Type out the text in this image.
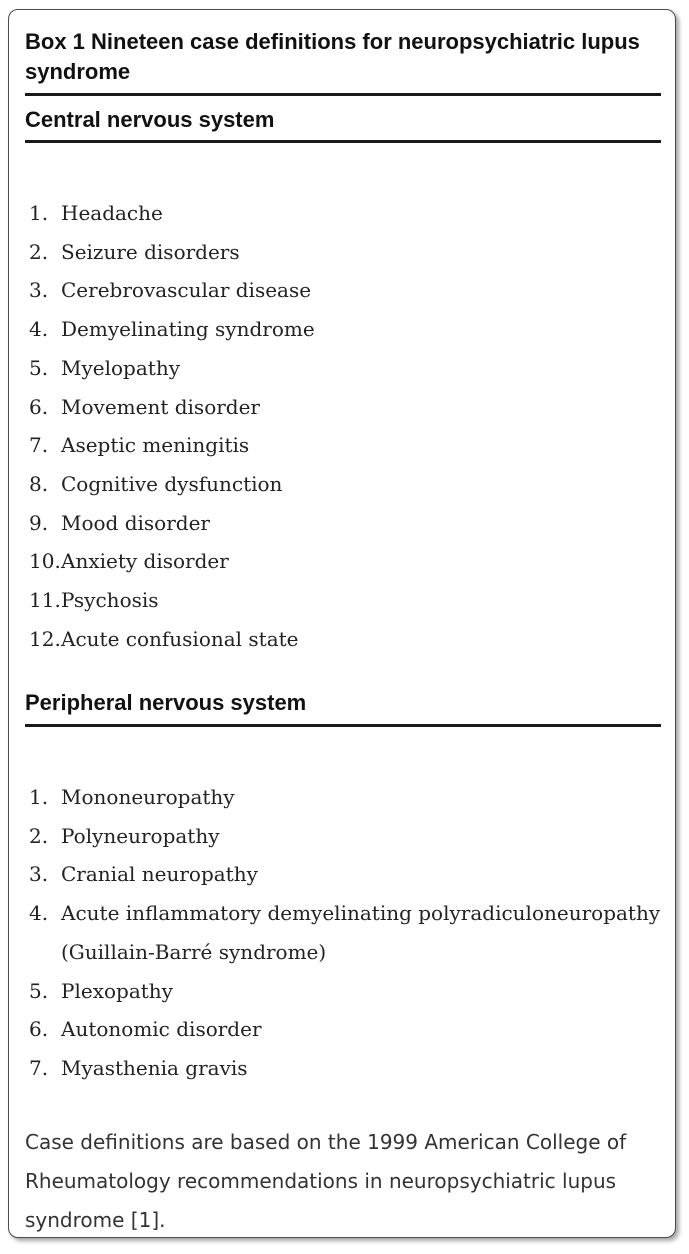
Box 1 Nineteen case definitions for neuropsychiatric lupus syndrome
Central nervous system
1. Headache
2. Seizure disorders
3. Cerebrovascular disease
4. Demyelinating syndrome
5. Myelopathy
6. Movement disorder
7. Aseptic meningitis
8. Cognitive dysfunction
9. Mood disorder
10. Anxiety disorder
11. Psychosis
12. Acute confusional state
Peripheral nervous system
1. Mononeuropathy
2. Polyneuropathy
3. Cranial neuropathy
4. Acute inflammatory demyelinating polyradiculoneuropathy (Guillain-Barré syndrome)
5. Plexopathy
6. Autonomic disorder
7. Myasthenia gravis

Case definitions are based on the 1999 American College of Rheumatology recommendations in neuropsychiatric lupus syndrome [1].
